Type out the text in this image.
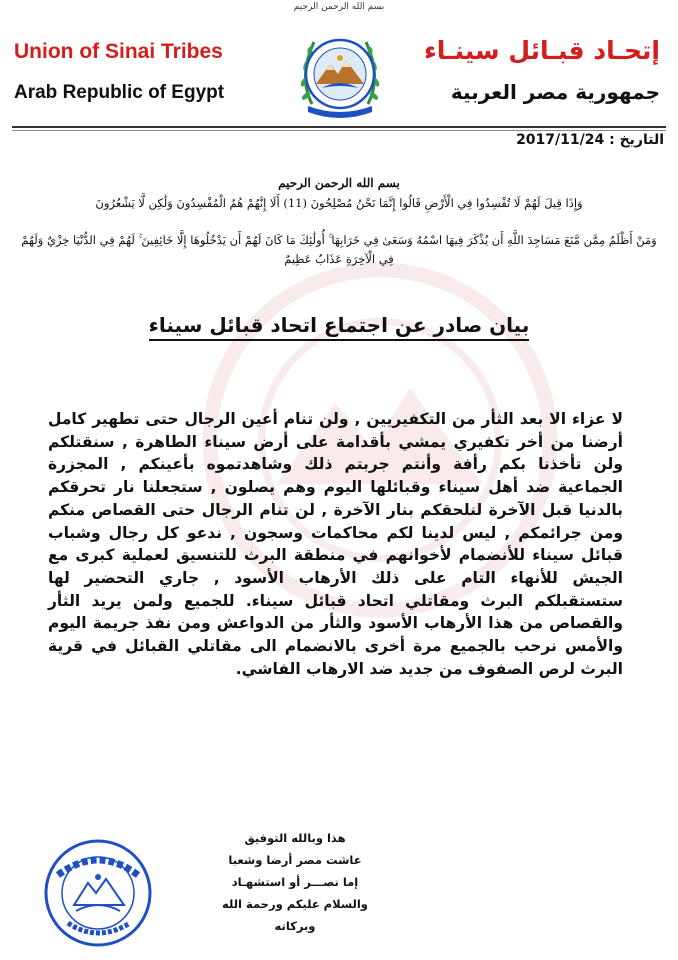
بسم الله الرحمن الرحيم
Union of Sinai Tribes
Arab Republic of Egypt
إتحـاد قبـائل سينـاء
جمهورية مصر العربية
التاريخ : 2017/11/24
بسم الله الرحمن الرحيم
وَإِذَا قِيلَ لَهُمْ لَا تُفْسِدُوا فِي الْأَرْضِ قَالُوا إِنَّمَا نَحْنُ مُصْلِحُونَ (11) أَلَا إِنَّهُمْ هُمُ الْمُفْسِدُونَ وَلَٰكِن لَّا يَشْعُرُونَ
وَمَنْ أَظْلَمُ مِمَّن مَّنَعَ مَسَاجِدَ اللَّهِ أَن يُذْكَرَ فِيهَا اسْمُهُ وَسَعَىٰ فِي خَرَابِهَا ۚ أُولَٰئِكَ مَا كَانَ لَهُمْ أَن يَدْخُلُوهَا إِلَّا خَائِفِينَ ۚ لَهُمْ فِي الدُّنْيَا خِزْيٌ وَلَهُمْ فِي الْآخِرَةِ عَذَابٌ عَظِيمٌ
بيان صادر عن اجتماع اتحاد قبائل سيناء
لا عزاء الا بعد الثأر من التكفيريين , ولن تنام أعين الرجال حتى تطهير كامل أرضنا من أخر تكفيري يمشي بأقدامة على أرض سيناء الطاهرة , سنقتلكم ولن تأخذنا بكم رأفة وأنتم جربتم ذلك وشاهدتموه بأعينكم , المجزرة الجماعية ضد أهل سيناء وقبائلها اليوم وهم يصلون , ستجعلنا نار تحرقكم بالدنيا قبل الآخرة لنلحقكم بنار الآخرة , لن تنام الرجال حتى القصاص منكم ومن جرائمكم , ليس لدينا لكم محاكمات وسجون , ندعو كل رجال وشباب قبائل سيناء للأنضمام لأخوانهم في منطقة البرث للتنسيق لعملية كبرى مع الجيش للأنهاء التام على ذلك الأرهاب الأسود , جاري التحضير لها ستستقبلكم البرث ومقاتلي اتحاد قبائل سيناء. للجميع ولمن يريد الثأر والقصاص من هذا الأرهاب الأسود والثأر من الدواعش ومن نفذ جريمة اليوم والأمس نرحب بالجميع مرة أخرى بالانضمام الى مقاتلي القبائل في قرية البرث لرص الصفوف من جديد ضد الارهاب الفاشي.
هذا وبالله التوفيق
عاشت مصر أرضا وشعبا
إما نصـــر أو استشهـاد
والسلام عليكم ورحمة الله وبركاته
